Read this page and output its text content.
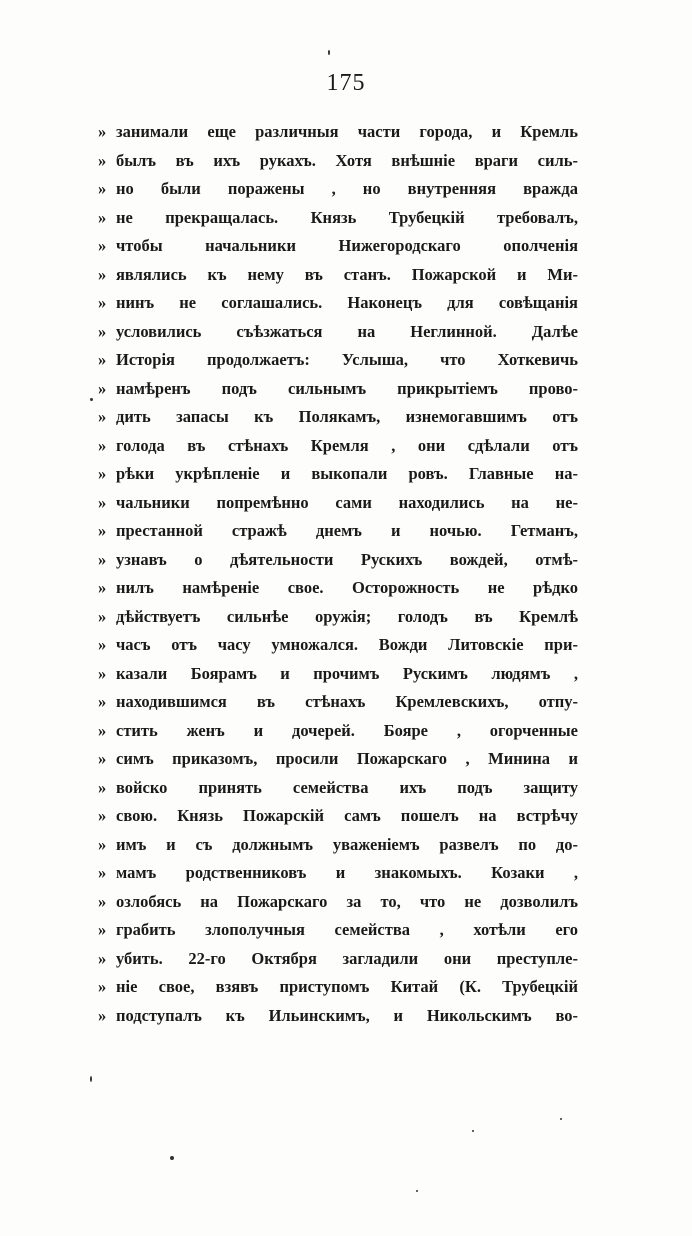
175
» занимали еще различныя части города, и Кремль
» былъ въ ихъ рукахъ. Хотя внѣшніе враги силь-
» но были поражены , но внутренняя вражда
» не прекращалась. Князь Трубецкій требовалъ,
» чтобы начальники Нижегородскаго ополченія
» являлись къ нему въ станъ. Пожарской и Ми-
» нинъ не соглашались. Наконецъ для совѣщанія
» условились съѣзжаться на Неглинной. Далѣе
» Исторія продолжаетъ: Услыша, что Хоткевичь
» намѣренъ подъ сильнымъ прикрытіемъ прово-
» дить запасы къ Полякамъ, изнемогавшимъ отъ
» голода въ стѣнахъ Кремля , они сдѣлали отъ
» рѣки укрѣпленіе и выкопали ровъ. Главные на-
» чальники попремѣнно сами находились на не-
» престанной стражѣ днемъ и ночью. Гетманъ,
» узнавъ о дѣятельности Рускихъ вождей, отмѣ-
» нилъ намѣреніе свое. Осторожность не рѣдко
» дѣйствуетъ сильнѣе оружія; голодъ въ Кремлѣ
» часъ отъ часу умножался. Вожди Литовскіе при-
» казали Боярамъ и прочимъ Рускимъ людямъ ,
» находившимся въ стѣнахъ Кремлевскихъ, отпу-
» стить женъ и дочерей. Бояре , огорченные
» симъ приказомъ, просили Пожарскаго , Минина и
» войско принять семейства ихъ подъ защиту
» свою. Князь Пожарскій самъ пошелъ на встрѣчу
» имъ и съ должнымъ уваженіемъ развелъ по до-
» мамъ родственниковъ и знакомыхъ. Козаки ,
» озлобясь на Пожарскаго за то, что не дозволилъ
» грабить злополучныя семейства , хотѣли его
» убить. 22-го Октября загладили они преступле-
» ніе свое, взявъ приступомъ Китай (К. Трубецкій
» подступалъ къ Ильинскимъ, и Никольскимъ во-
